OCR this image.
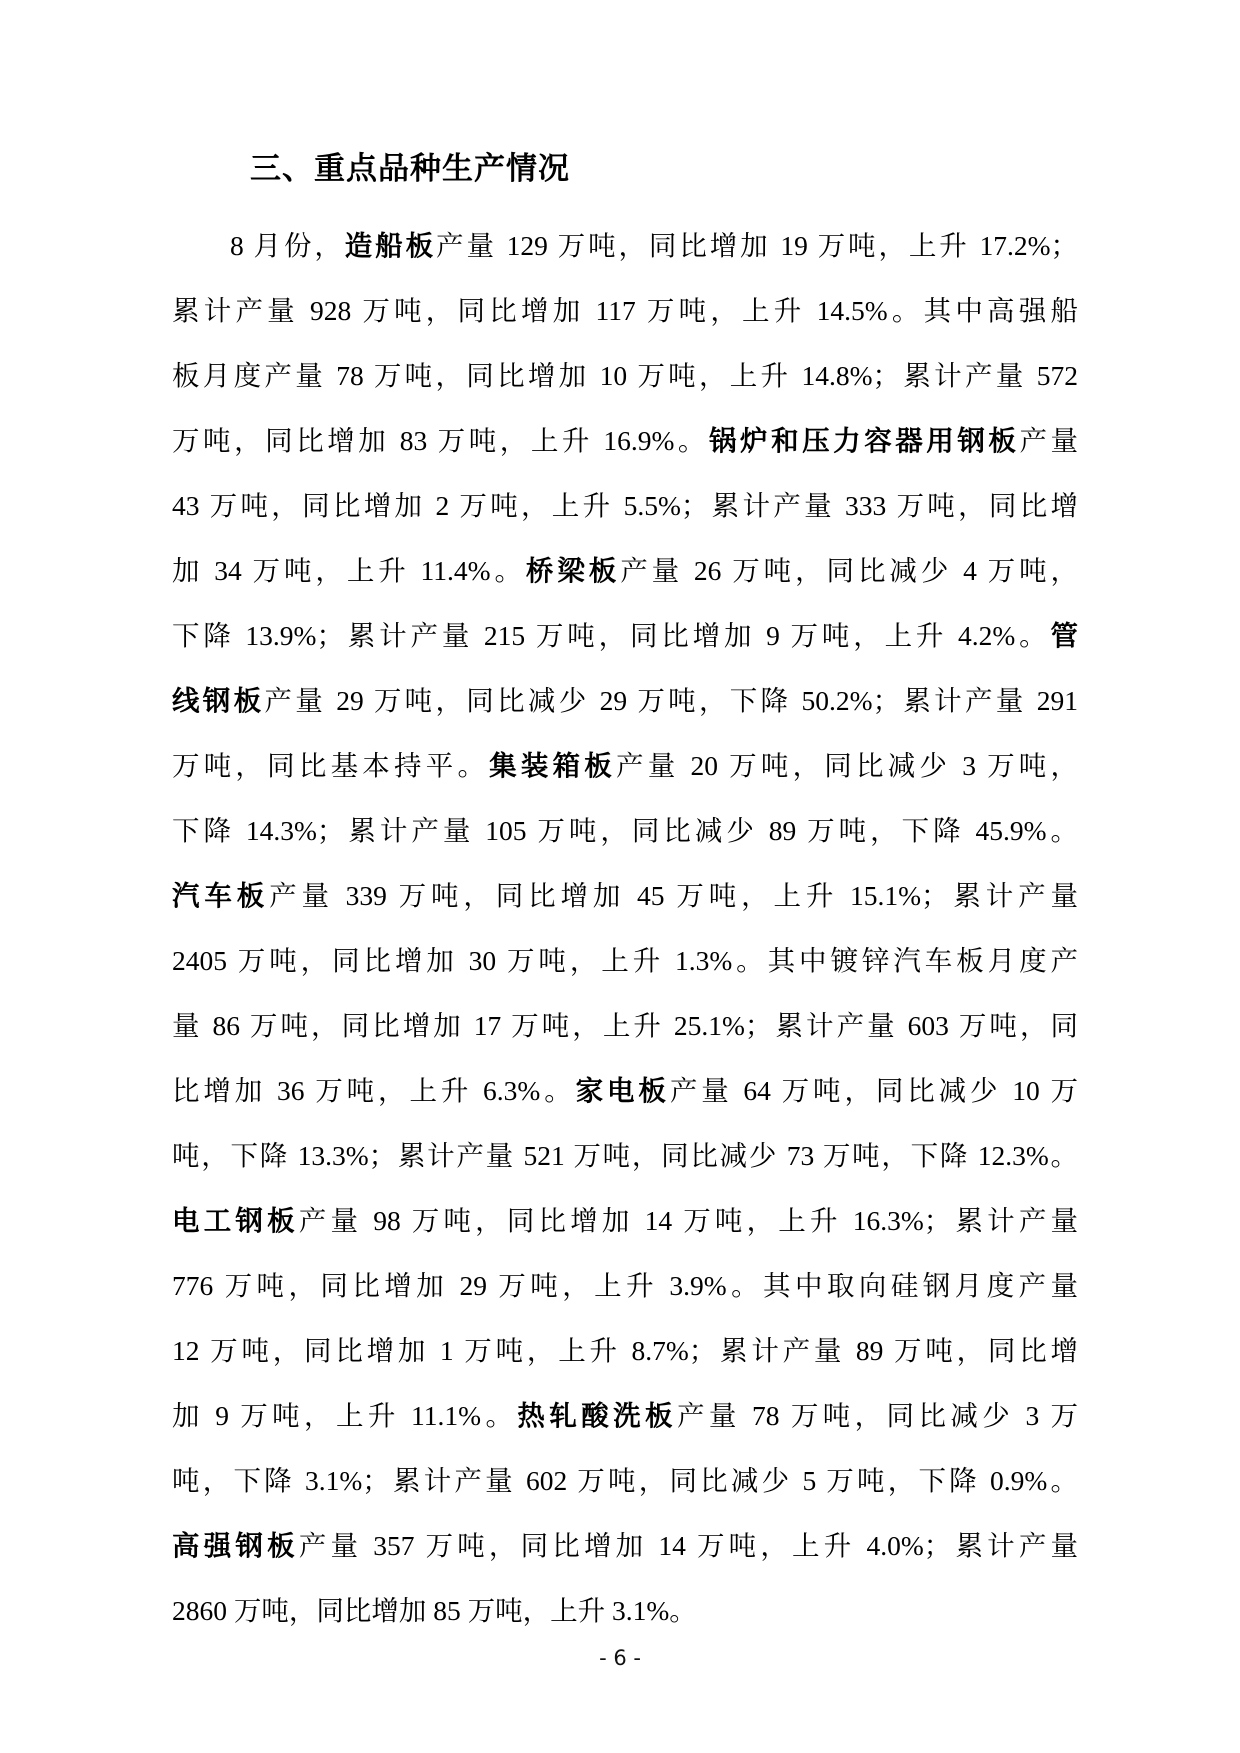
三、重点品种生产情况
8 月份，造船板产量 129 万吨，同比增加 19 万吨，上升 17.2%；
累计产量 928 万吨，同比增加 117 万吨，上升 14.5%。其中高强船
板月度产量 78 万吨，同比增加 10 万吨，上升 14.8%；累计产量 572
万吨，同比增加 83 万吨，上升 16.9%。锅炉和压力容器用钢板产量
43 万吨，同比增加 2 万吨，上升 5.5%；累计产量 333 万吨，同比增
加 34 万吨，上升 11.4%。桥梁板产量 26 万吨，同比减少 4 万吨，
下降 13.9%；累计产量 215 万吨，同比增加 9 万吨，上升 4.2%。管
线钢板产量 29 万吨，同比减少 29 万吨，下降 50.2%；累计产量 291
万吨，同比基本持平。集装箱板产量 20 万吨，同比减少 3 万吨，
下降 14.3%；累计产量 105 万吨，同比减少 89 万吨，下降 45.9%。
汽车板产量 339 万吨，同比增加 45 万吨，上升 15.1%；累计产量
2405 万吨，同比增加 30 万吨，上升 1.3%。其中镀锌汽车板月度产
量 86 万吨，同比增加 17 万吨，上升 25.1%；累计产量 603 万吨，同
比增加 36 万吨，上升 6.3%。家电板产量 64 万吨，同比减少 10 万
吨，下降 13.3%；累计产量 521 万吨，同比减少 73 万吨，下降 12.3%。
电工钢板产量 98 万吨，同比增加 14 万吨，上升 16.3%；累计产量
776 万吨，同比增加 29 万吨，上升 3.9%。其中取向硅钢月度产量
12 万吨，同比增加 1 万吨，上升 8.7%；累计产量 89 万吨，同比增
加 9 万吨，上升 11.1%。热轧酸洗板产量 78 万吨，同比减少 3 万
吨，下降 3.1%；累计产量 602 万吨，同比减少 5 万吨，下降 0.9%。
高强钢板产量 357 万吨，同比增加 14 万吨，上升 4.0%；累计产量
2860 万吨，同比增加 85 万吨，上升 3.1%。
- 6 -
